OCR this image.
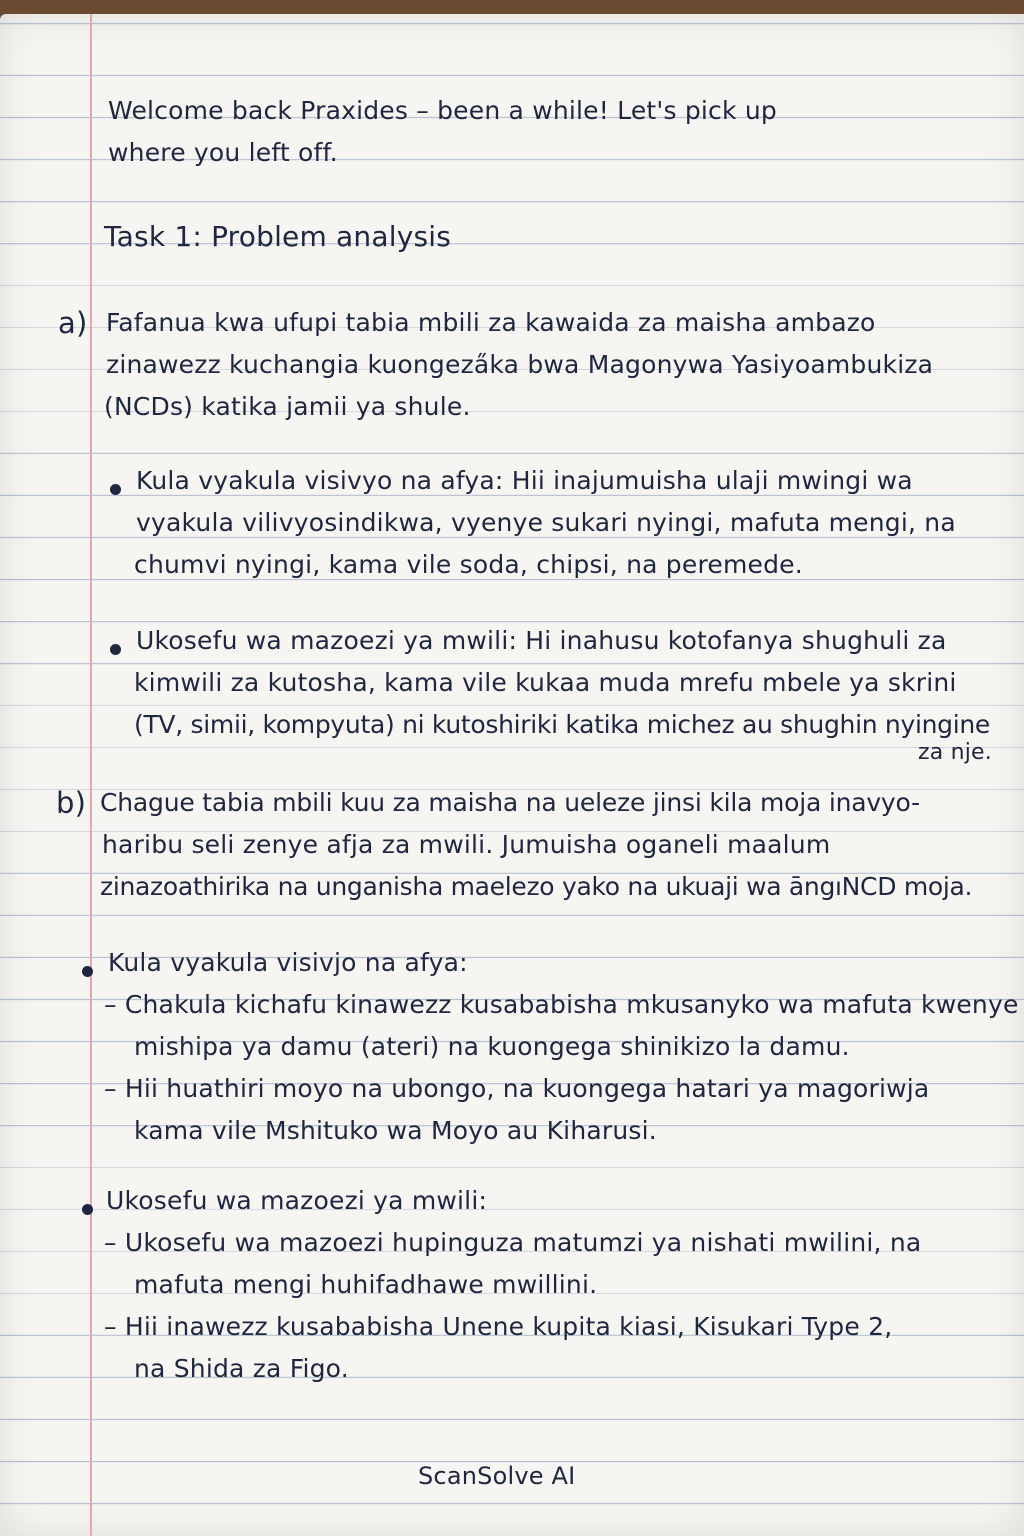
Welcome back Praxides – been a while! Let's pick up

where you left off.

Task 1: Problem analysis

a) Fafanua kwa ufupi tabia mbili za kawaida za maisha ambazo

zinawezz kuchangia kuongeza̋ka bwa Magonywa Yasiyoambukiza

(NCDs) katika jamii ya shule.

Kula vyakula visivyo na afya: Hii inajumuisha ulaji mwingi wa

vyakula vilivyosindikwa, vyenye sukari nyingi, mafuta mengi, na

chumvi nyingi, kama vile soda, chipsi, na peremede.

Ukosefu wa mazoezi ya mwili: Hi inahusu kotofanya shughuli za

kimwili za kutosha, kama vile kukaa muda mrefu mbele ya skrini

(TV, simii, kompyuta) ni kutoshiriki katika michez au shughin nyingine

za nje.

b) Chague tabia mbili kuu za maisha na ueleze jinsi kila moja inavyo-

haribu seli zenye afja za mwili. Jumuisha oganeli maalum

zinazoathirika na unganisha maelezo yako na ukuaji wa āngıNCD moja.

Kula vyakula visivjo na afya:

– Chakula kichafu kinawezz kusababisha mkusanyko wa mafuta kwenye

mishipa ya damu (ateri) na kuongega shinikizo la damu.

– Hii huathiri moyo na ubongo, na kuongega hatari ya magoriwja

kama vile Mshituko wa Moyo au Kiharusi.

Ukosefu wa mazoezi ya mwili:

– Ukosefu wa mazoezi hupinguza matumzi ya nishati mwilini, na

mafuta mengi huhifadhawe mwillini.

– Hii inawezz kusababisha Unene kupita kiasi, Kisukari Type 2,

na Shida za Figo.

ScanSolve AI
